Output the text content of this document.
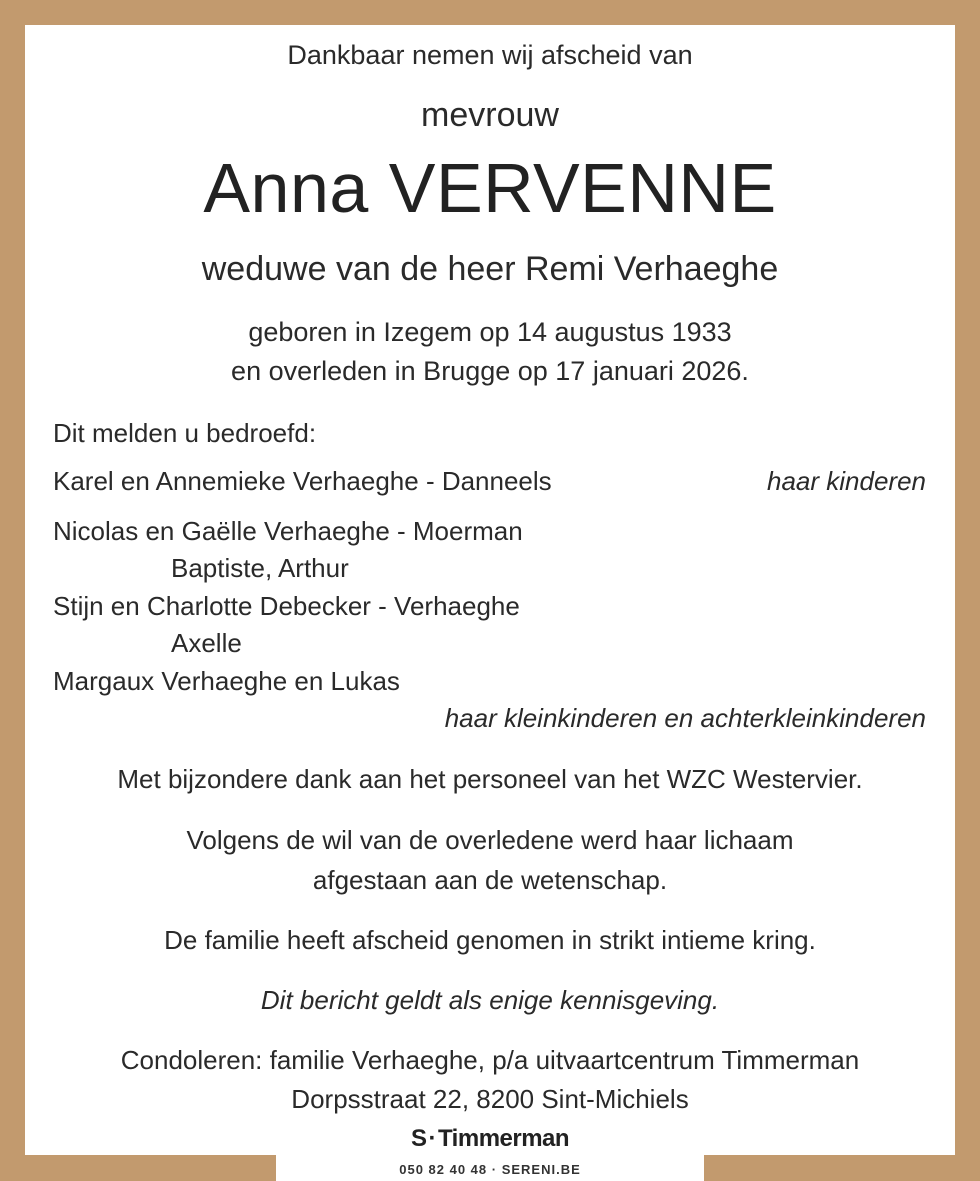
Dankbaar nemen wij afscheid van
mevrouw
Anna VERVENNE
weduwe van de heer Remi Verhaeghe
geboren in Izegem op 14 augustus 1933
en overleden in Brugge op 17 januari 2026.
Dit melden u bedroefd:
Karel en Annemieke Verhaeghe - Danneels	haar kinderen
Nicolas en Gaëlle Verhaeghe - Moerman
Baptiste, Arthur
Stijn en Charlotte Debecker - Verhaeghe
Axelle
Margaux Verhaeghe en Lukas
haar kleinkinderen en achterkleinkinderen
Met bijzondere dank aan het personeel van het WZC Westervier.
Volgens de wil van de overledene werd haar lichaam
afgestaan aan de wetenschap.
De familie heeft afscheid genomen in strikt intieme kring.
Dit bericht geldt als enige kennisgeving.
Condoleren: familie Verhaeghe, p/a uitvaartcentrum Timmerman
Dorpsstraat 22, 8200 Sint-Michiels
S·Timmerman
050 82 40 48 · SERENI.BE
